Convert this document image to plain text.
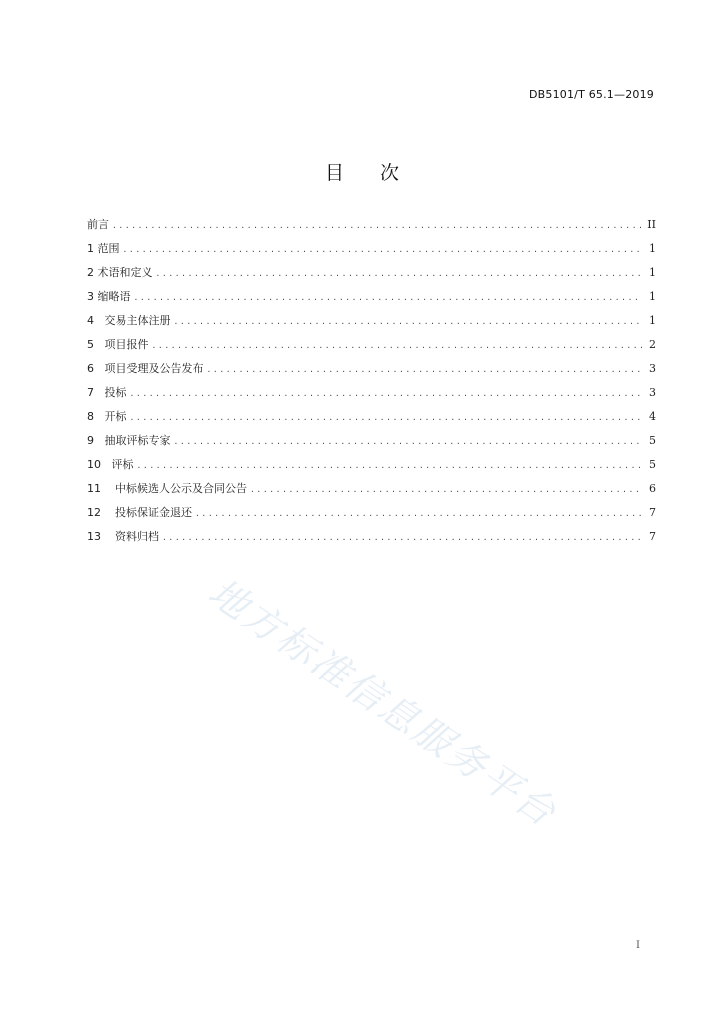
DB5101/T 65.1—2019
目 次
前言 .....	II
1 范围 .....	1
2 术语和定义 .....	1
3 缩略语 .....	1
4 交易主体注册 .....	1
5 项目报件 .....	2
6 项目受理及公告发布 .....	3
7 投标 .....	3
8 开标 .....	4
9 抽取评标专家 .....	5
10 评标 .....	5
11 中标候选人公示及合同公告 .....	6
12 投标保证金退还 .....	7
13 资料归档 .....	7
地方标准信息服务平台
I
